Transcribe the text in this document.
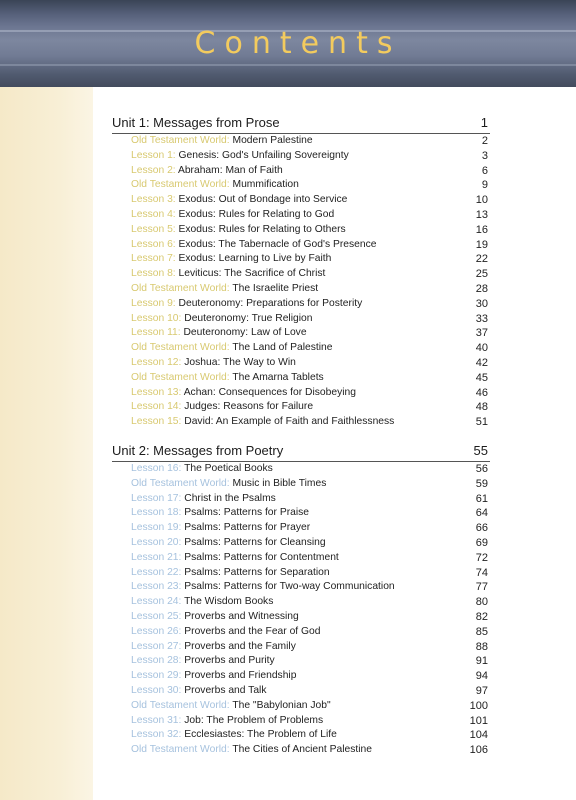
Contents
Unit 1: Messages from Prose	1
Old Testament World: Modern Palestine	2
Lesson 1: Genesis: God's Unfailing Sovereignty	3
Lesson 2: Abraham: Man of Faith	6
Old Testament World: Mummification	9
Lesson 3: Exodus: Out of Bondage into Service	10
Lesson 4: Exodus: Rules for Relating to God	13
Lesson 5: Exodus: Rules for Relating to Others	16
Lesson 6: Exodus: The Tabernacle of God's Presence	19
Lesson 7: Exodus: Learning to Live by Faith	22
Lesson 8: Leviticus: The Sacrifice of Christ	25
Old Testament World: The Israelite Priest	28
Lesson 9: Deuteronomy: Preparations for Posterity	30
Lesson 10: Deuteronomy: True Religion	33
Lesson 11: Deuteronomy: Law of Love	37
Old Testament World: The Land of Palestine	40
Lesson 12: Joshua: The Way to Win	42
Old Testament World: The Amarna Tablets	45
Lesson 13: Achan: Consequences for Disobeying	46
Lesson 14: Judges: Reasons for Failure	48
Lesson 15: David: An Example of Faith and Faithlessness	51
Unit 2: Messages from Poetry	55
Lesson 16: The Poetical Books	56
Old Testament World: Music in Bible Times	59
Lesson 17: Christ in the Psalms	61
Lesson 18: Psalms: Patterns for Praise	64
Lesson 19: Psalms: Patterns for Prayer	66
Lesson 20: Psalms: Patterns for Cleansing	69
Lesson 21: Psalms: Patterns for Contentment	72
Lesson 22: Psalms: Patterns for Separation	74
Lesson 23: Psalms: Patterns for Two-way Communication	77
Lesson 24: The Wisdom Books	80
Lesson 25: Proverbs and Witnessing	82
Lesson 26: Proverbs and the Fear of God	85
Lesson 27: Proverbs and the Family	88
Lesson 28: Proverbs and Purity	91
Lesson 29: Proverbs and Friendship	94
Lesson 30: Proverbs and Talk	97
Old Testament World: The "Babylonian Job"	100
Lesson 31: Job: The Problem of Problems	101
Lesson 32: Ecclesiastes: The Problem of Life	104
Old Testament World: The Cities of Ancient Palestine	106
